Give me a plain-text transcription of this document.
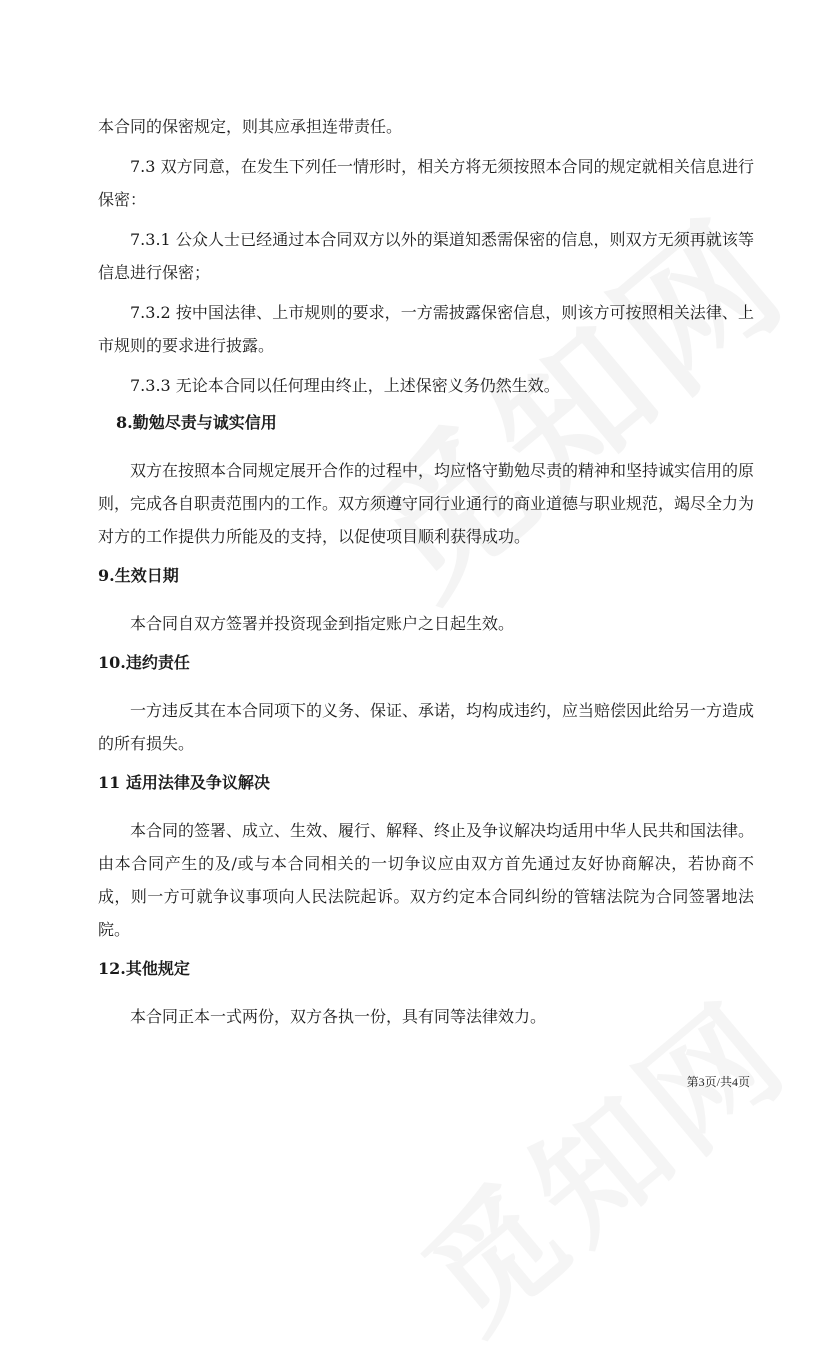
本合同的保密规定，则其应承担连带责任。

7.3 双方同意，在发生下列任一情形时，相关方将无须按照本合同的规定就相关信息进行保密：

7.3.1 公众人士已经通过本合同双方以外的渠道知悉需保密的信息，则双方无须再就该等信息进行保密；

7.3.2 按中国法律、上市规则的要求，一方需披露保密信息，则该方可按照相关法律、上市规则的要求进行披露。

7.3.3 无论本合同以任何理由终止，上述保密义务仍然生效。

8.勤勉尽责与诚实信用

双方在按照本合同规定展开合作的过程中，均应恪守勤勉尽责的精神和坚持诚实信用的原则，完成各自职责范围内的工作。双方须遵守同行业通行的商业道德与职业规范，竭尽全力为对方的工作提供力所能及的支持，以促使项目顺利获得成功。

9.生效日期

本合同自双方签署并投资现金到指定账户之日起生效。

10.违约责任

一方违反其在本合同项下的义务、保证、承诺，均构成违约，应当赔偿因此给另一方造成的所有损失。

11 适用法律及争议解决

本合同的签署、成立、生效、履行、解释、终止及争议解决均适用中华人民共和国法律。由本合同产生的及/或与本合同相关的一切争议应由双方首先通过友好协商解决，若协商不成，则一方可就争议事项向人民法院起诉。双方约定本合同纠纷的管辖法院为合同签署地法院。

12.其他规定

本合同正本一式两份，双方各执一份，具有同等法律效力。

第3页/共4页
